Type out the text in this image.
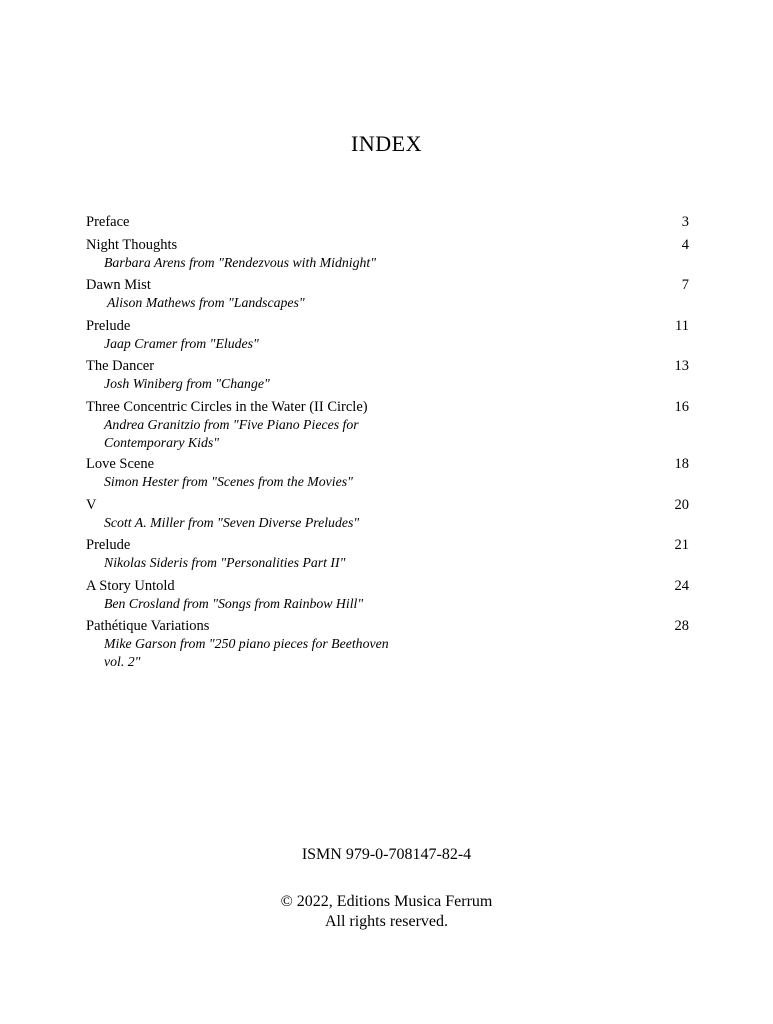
INDEX
Preface	3
Night Thoughts	4
Barbara Arens from "Rendezvous with Midnight"
Dawn Mist	7
Alison Mathews from "Landscapes"
Prelude	11
Jaap Cramer from "Eludes"
The Dancer	13
Josh Winiberg from "Change"
Three Concentric Circles in the Water (II Circle)	16
Andrea Granitzio from "Five Piano Pieces for Contemporary Kids"
Love Scene	18
Simon Hester from "Scenes from the Movies"
V	20
Scott A. Miller from "Seven Diverse Preludes"
Prelude	21
Nikolas Sideris from "Personalities Part II"
A Story Untold	24
Ben Crosland from "Songs from Rainbow Hill"
Pathétique Variations	28
Mike Garson from "250 piano pieces for Beethoven vol. 2"
ISMN 979-0-708147-82-4
© 2022, Editions Musica Ferrum
All rights reserved.
